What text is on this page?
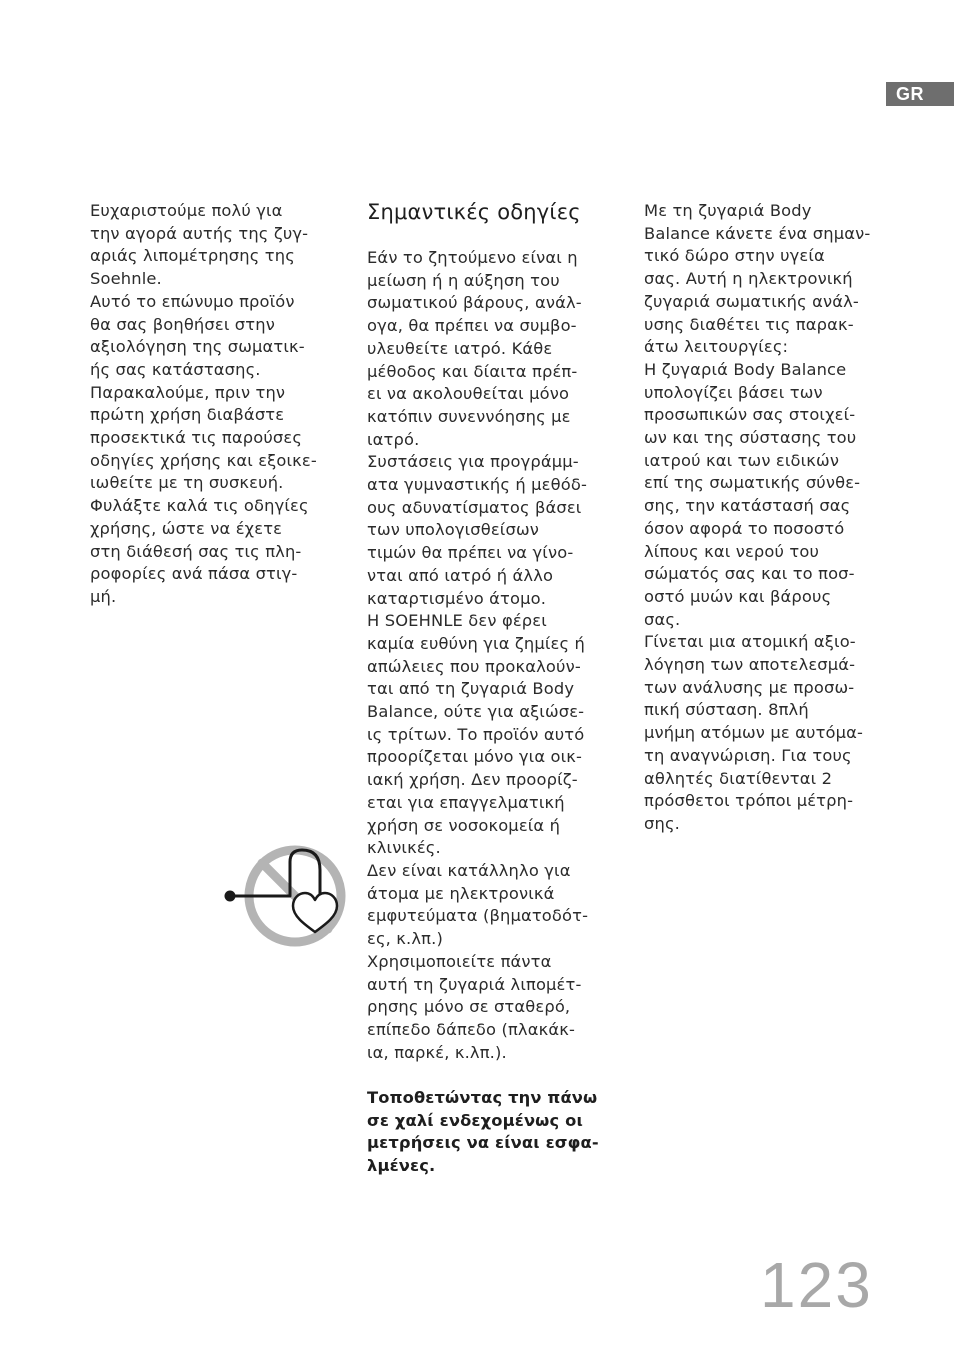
GR

Ευχαριστούμε πολύ για
την αγορά αυτής της ζυγ-
αριάς λιπομέτρησης της
Soehnle.
Αυτό το επώνυμο προϊόν
θα σας βοηθήσει στην
αξιολόγηση της σωματικ-
ής σας κατάστασης.
Παρακαλούμε, πριν την
πρώτη χρήση διαβάστε
προσεκτικά τις παρούσες
οδηγίες χρήσης και εξοικε-
ιωθείτε με τη συσκευή.
Φυλάξτε καλά τις οδηγίες
χρήσης, ώστε να έχετε
στη διάθεσή σας τις πλη-
ροφορίες ανά πάσα στιγ-
μή.

Σημαντικές οδηγίες

Εάν το ζητούμενο είναι η
μείωση ή η αύξηση του
σωματικού βάρους, ανάλ-
ογα, θα πρέπει να συμβο-
υλευθείτε ιατρό. Κάθε
μέθοδος και δίαιτα πρέπ-
ει να ακολουθείται μόνο
κατόπιν συνεννόησης με
ιατρό.
Συστάσεις για προγράμμ-
ατα γυμναστικής ή μεθόδ-
ους αδυνατίσματος βάσει
των υπολογισθείσων
τιμών θα πρέπει να γίνο-
νται από ιατρό ή άλλο
καταρτισμένο άτομο.
Η SOEHNLE δεν φέρει
καμία ευθύνη για ζημίες ή
απώλειες που προκαλούν-
ται από τη ζυγαριά Body
Balance, ούτε για αξιώσε-
ις τρίτων. Το προϊόν αυτό
προορίζεται μόνο για οικ-
ιακή χρήση. Δεν προορίζ-
εται για επαγγελματική
χρήση σε νοσοκομεία ή
κλινικές.
Δεν είναι κατάλληλο για
άτομα με ηλεκτρονικά
εμφυτεύματα (βηματοδότ-
ες, κ.λπ.)
Χρησιμοποιείτε πάντα
αυτή τη ζυγαριά λιπομέτ-
ρησης μόνο σε σταθερό,
επίπεδο δάπεδο (πλακάκ-
ια, παρκέ, κ.λπ.).

Τοποθετώντας την πάνω
σε χαλί ενδεχομένως οι
μετρήσεις να είναι εσφα-
λμένες.

Με τη ζυγαριά Body
Balance κάνετε ένα σημαν-
τικό δώρο στην υγεία
σας. Αυτή η ηλεκτρονική
ζυγαριά σωματικής ανάλ-
υσης διαθέτει τις παρακ-
άτω λειτουργίες:
Η ζυγαριά Body Balance
υπολογίζει βάσει των
προσωπικών σας στοιχεί-
ων και της σύστασης του
ιατρού και των ειδικών
επί της σωματικής σύνθε-
σης, την κατάστασή σας
όσον αφορά το ποσοστό
λίπους και νερού του
σώματός σας και το ποσ-
οστό μυών και βάρους
σας.
Γίνεται μια ατομική αξιο-
λόγηση των αποτελεσμά-
των ανάλυσης με προσω-
πική σύσταση. 8πλή
μνήμη ατόμων με αυτόμα-
τη αναγνώριση. Για τους
αθλητές διατίθενται 2
πρόσθετοι τρόποι μέτρη-
σης.

123
